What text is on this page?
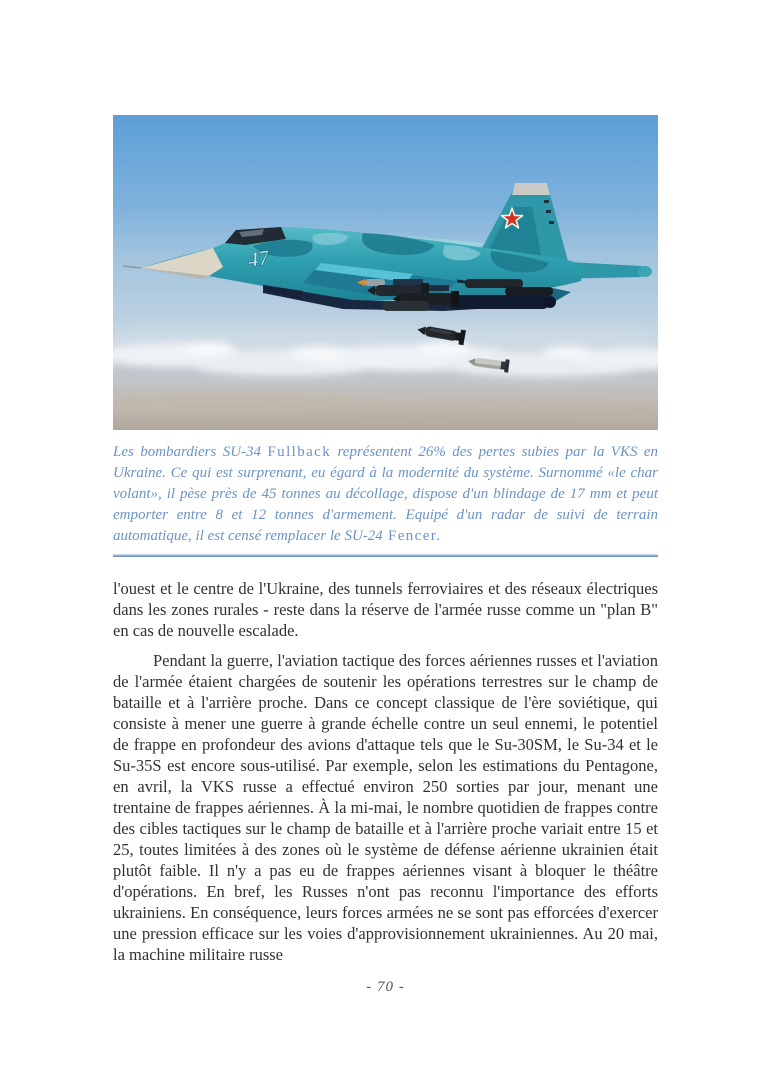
47
Les bombardiers SU-34 Fullback représentent 26% des pertes subies par la VKS en Ukraine. Ce qui est surprenant, eu égard à la modernité du système. Surnommé «le char volant», il pèse près de 45 tonnes au décollage, dispose d'un blindage de 17 mm et peut emporter entre 8 et 12 tonnes d'armement. Equipé d'un radar de suivi de terrain automatique, il est censé remplacer le SU-24 Fencer.

l'ouest et le centre de l'Ukraine, des tunnels ferroviaires et des réseaux électriques dans les zones rurales - reste dans la réserve de l'armée russe comme un "plan B" en cas de nouvelle escalade.

Pendant la guerre, l'aviation tactique des forces aériennes russes et l'aviation de l'armée étaient chargées de soutenir les opérations terrestres sur le champ de bataille et à l'arrière proche. Dans ce concept classique de l'ère soviétique, qui consiste à mener une guerre à grande échelle contre un seul ennemi, le potentiel de frappe en profondeur des avions d'attaque tels que le Su-30SM, le Su-34 et le Su-35S est encore sous-utilisé. Par exemple, selon les estimations du Pentagone, en avril, la VKS russe a effectué environ 250 sorties par jour, menant une trentaine de frappes aériennes. À la mi-mai, le nombre quotidien de frappes contre des cibles tactiques sur le champ de bataille et à l'arrière proche variait entre 15 et 25, toutes limitées à des zones où le système de défense aérienne ukrainien était plutôt faible. Il n'y a pas eu de frappes aériennes visant à bloquer le théâtre d'opérations. En bref, les Russes n'ont pas reconnu l'importance des efforts ukrainiens. En conséquence, leurs forces armées ne se sont pas efforcées d'exercer une pression efficace sur les voies d'approvisionnement ukrainiennes. Au 20 mai, la machine militaire russe

- 70 -
